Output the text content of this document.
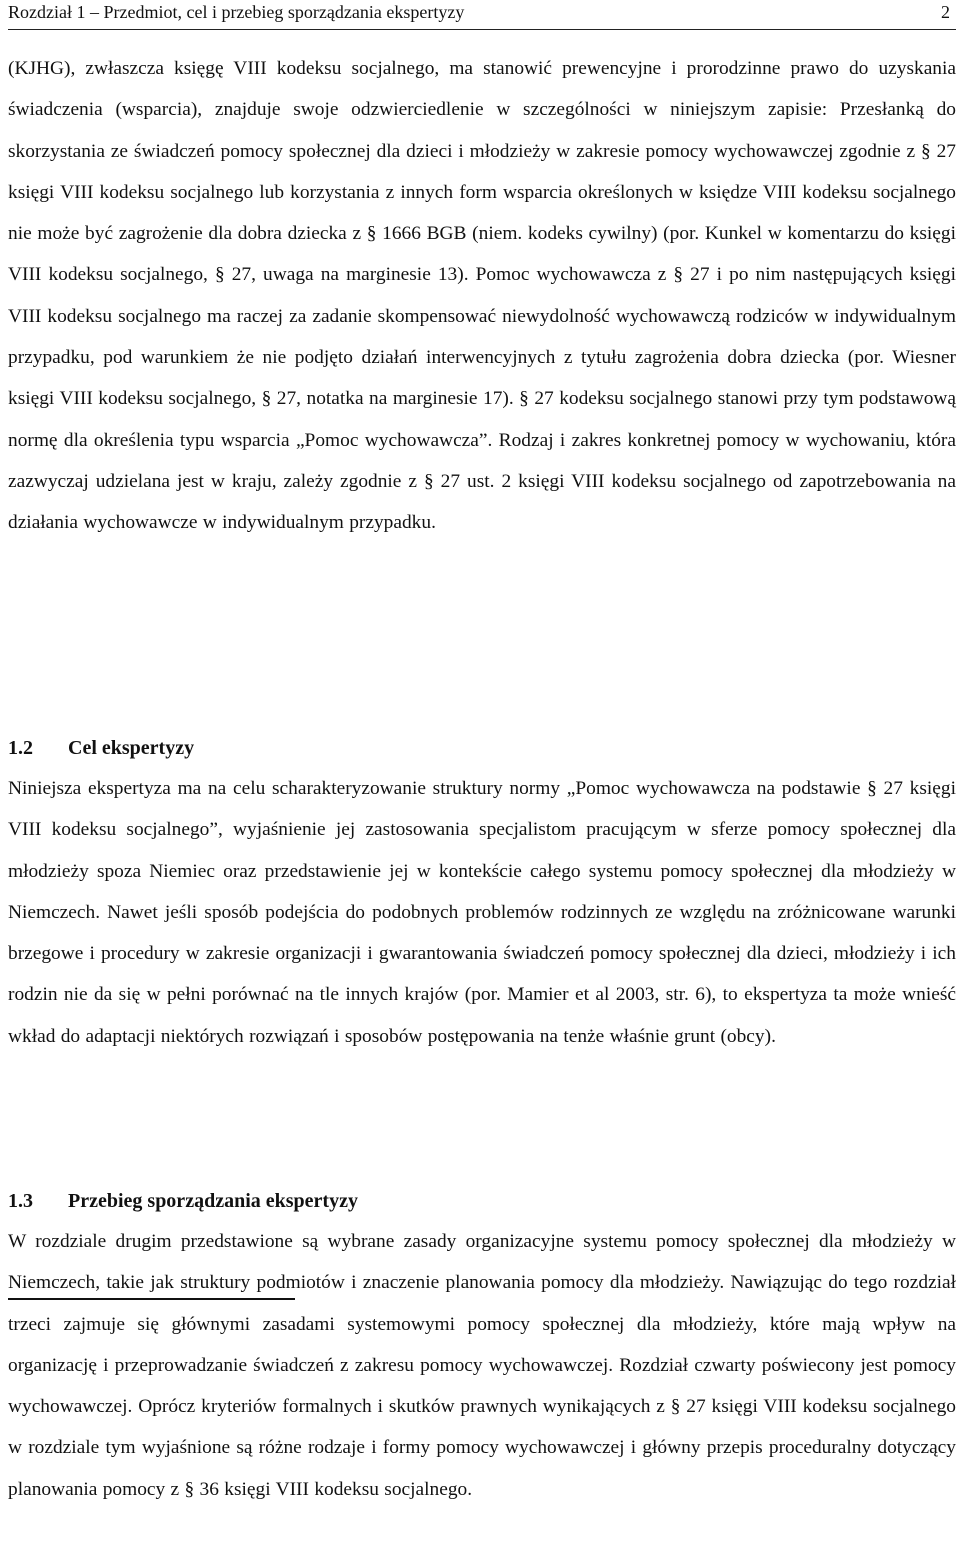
Rozdział 1 – Przedmiot, cel i przebieg sporządzania ekspertyzy	2

(KJHG), zwłaszcza księgę VIII kodeksu socjalnego, ma stanowić prewencyjne i prorodzinne prawo do uzyskania świadczenia (wsparcia), znajduje swoje odzwierciedlenie w szczególności w niniejszym zapisie: Przesłanką do skorzystania ze świadczeń pomocy społecznej dla dzieci i młodzieży w zakresie pomocy wychowawczej zgodnie z § 27 księgi VIII kodeksu socjalnego lub korzystania z innych form wsparcia określonych w księdze VIII kodeksu socjalnego nie może być zagrożenie dla dobra dziecka z § 1666 BGB (niem. kodeks cywilny) (por. Kunkel w komentarzu do księgi VIII kodeksu socjalnego, § 27, uwaga na marginesie 13). Pomoc wychowawcza z § 27 i po nim następujących księgi VIII kodeksu socjalnego ma raczej za zadanie skompensować niewydolność wychowawczą rodziców w indywidualnym przypadku, pod warunkiem że nie podjęto działań interwencyjnych z tytułu zagrożenia dobra dziecka (por. Wiesner księgi VIII kodeksu socjalnego, § 27, notatka na marginesie 17). § 27 kodeksu socjalnego stanowi przy tym podstawową normę dla określenia typu wsparcia „Pomoc wychowawcza”. Rodzaj i zakres konkretnej pomocy w wychowaniu, która zazwyczaj udzielana jest w kraju, zależy zgodnie z § 27 ust. 2 księgi VIII kodeksu socjalnego od zapotrzebowania na działania wychowawcze w indywidualnym przypadku.

1.2 Cel ekspertyzy

Niniejsza ekspertyza ma na celu scharakteryzowanie struktury normy „Pomoc wychowawcza na podstawie § 27 księgi VIII kodeksu socjalnego”, wyjaśnienie jej zastosowania specjalistom pracującym w sferze pomocy społecznej dla młodzieży spoza Niemiec oraz przedstawienie jej w kontekście całego systemu pomocy społecznej dla młodzieży w Niemczech. Nawet jeśli sposób podejścia do podobnych problemów rodzinnych ze względu na zróżnicowane warunki brzegowe i procedury w zakresie organizacji i gwarantowania świadczeń pomocy społecznej dla dzieci, młodzieży i ich rodzin nie da się w pełni porównać na tle innych krajów (por. Mamier et al 2003, str. 6), to ekspertyza ta może wnieść wkład do adaptacji niektórych rozwiązań i sposobów postępowania na tenże właśnie grunt (obcy).

1.3 Przebieg sporządzania ekspertyzy

W rozdziale drugim przedstawione są wybrane zasady organizacyjne systemu pomocy społecznej dla młodzieży w Niemczech, takie jak struktury podmiotów i znaczenie planowania pomocy dla młodzieży. Nawiązując do tego rozdział trzeci zajmuje się głównymi zasadami systemowymi pomocy społecznej dla młodzieży, które mają wpływ na organizację i przeprowadzanie świadczeń z zakresu pomocy wychowawczej. Rozdział czwarty poświecony jest pomocy wychowawczej. Oprócz kryteriów formalnych i skutków prawnych wynikających z § 27 księgi VIII kodeksu socjalnego w rozdziale tym wyjaśnione są różne rodzaje i formy pomocy wychowawczej i główny przepis proceduralny dotyczący planowania pomocy z § 36 księgi VIII kodeksu socjalnego.
